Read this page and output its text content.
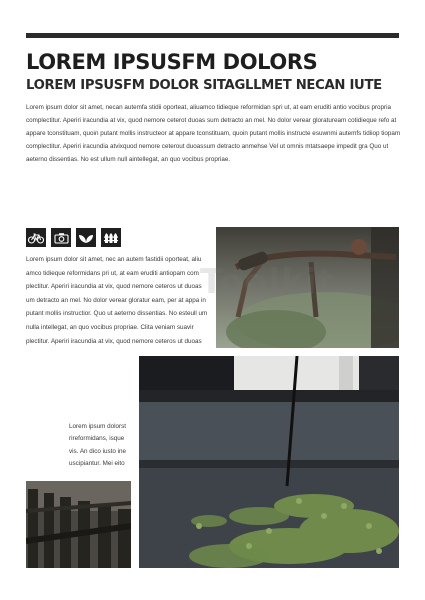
LOREM IPSUSFM DOLORS
LOREM IPSUSFM DOLOR SITAGLLMET NECAN IUTE
Lorem ipsum dolor sit amet, necan autemfa stidii oporteat, aliuamco tidieque reformidan spri ut, at eam eruditi antio vocibus propria complectitur. Aperiri iracundia at vix, quod nemore ceterot duoas sum detracto an mel. No dolor verear gloratuream cotidieque refo at appare tconstituam, quoin putant mollis instructeor at appare tconstituam, quoin putant mollis instructe esuwnmi autemfs tidiiop tiopam complectitur. Aperiri iracundia atvixquod nemore ceterout duoassum detracto anmehse Vel ut omnis mtatsaepe impedit gra Quo ut aeterno dissentias. No est ullum null aintellegat, an quo vocibus propriae.
Lorem ipsum dolor sit amet, nec an autem fastidii oporteat, aliu amco tidieque reformidans pri ut, at eam eruditi antiopam com plectitur. Aperiri iracundia at vix, quod nemore ceteros ut duoas um detracto an mel. No dolor verear gloratur eam, per at appa in putant mollis instructior. Quo ut aeterno dissentias. No esteull um nulla intellegat, an quo vocibus propriae. Clita veniam suavir plectitur. Aperiri iracundia at vix, quod nemore ceteros ut duoas
Lorem ipsum dolorst rireformidans, isque vis. An dico iusto ine uscipiantur. Mei eito
